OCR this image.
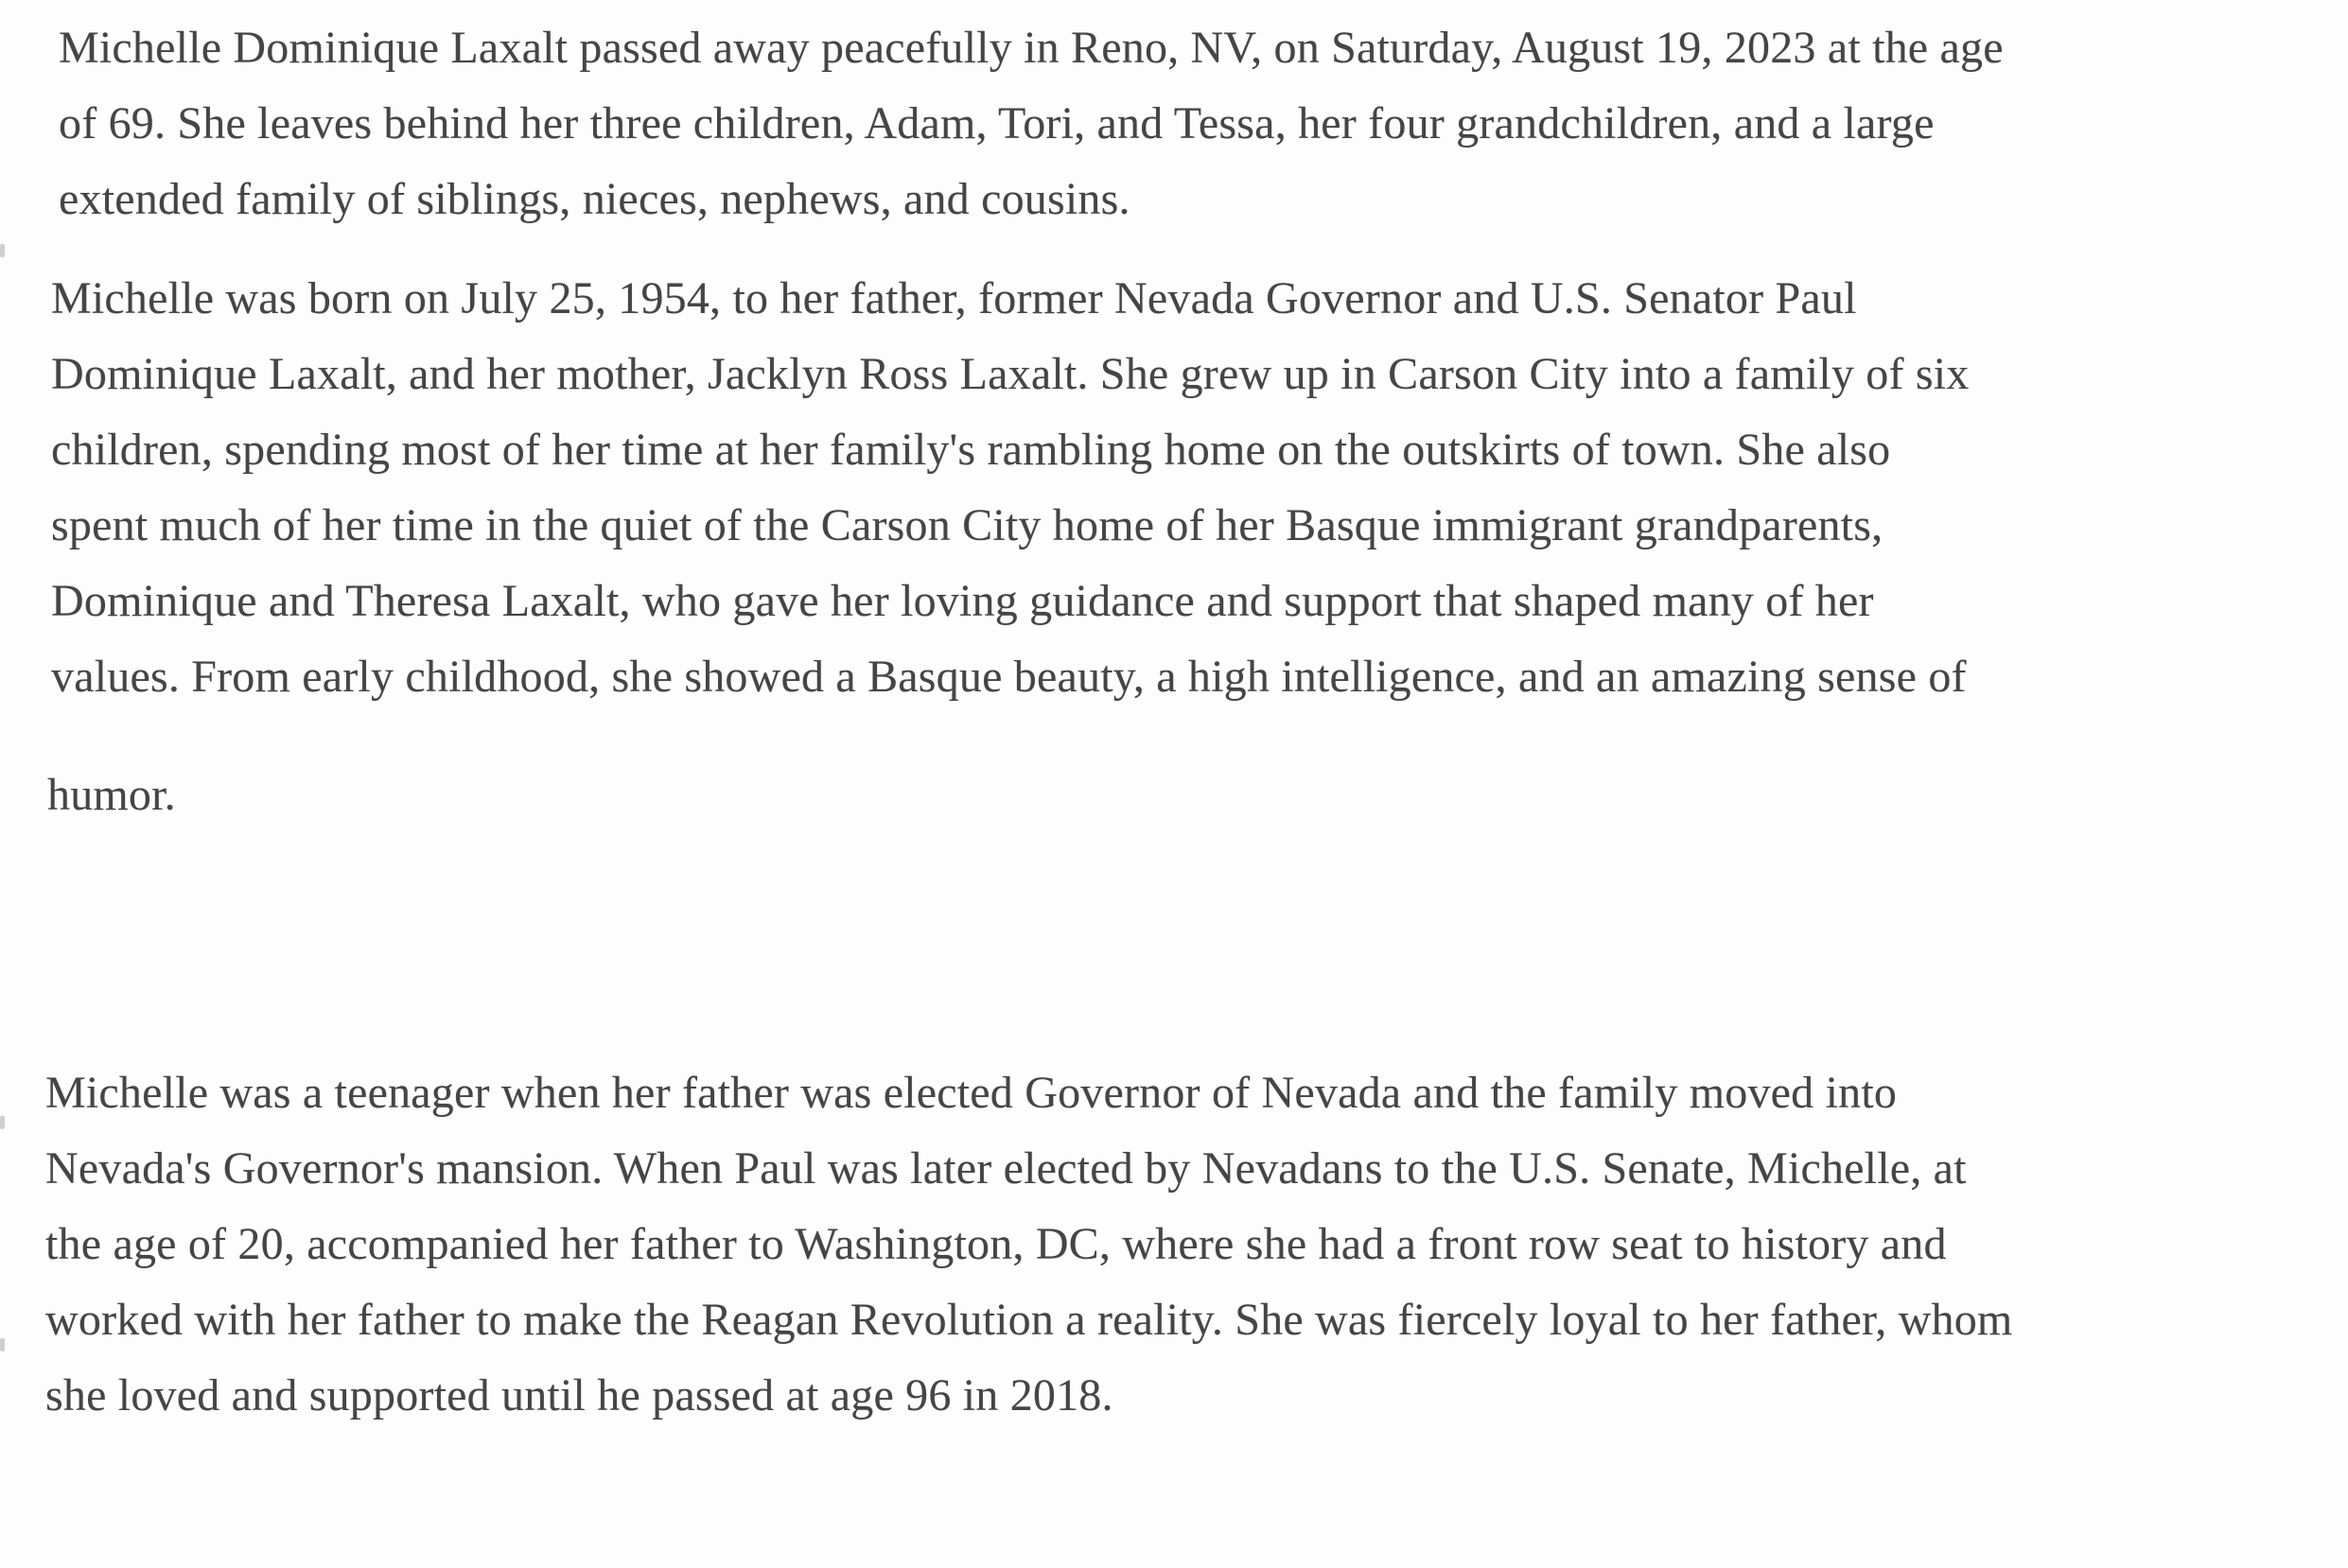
Michelle Dominique Laxalt passed away peacefully in Reno, NV, on Saturday, August 19, 2023 at the age
of 69. She leaves behind her three children, Adam, Tori, and Tessa, her four grandchildren, and a large
extended family of siblings, nieces, nephews, and cousins.
Michelle was born on July 25, 1954, to her father, former Nevada Governor and U.S. Senator Paul
Dominique Laxalt, and her mother, Jacklyn Ross Laxalt. She grew up in Carson City into a family of six
children, spending most of her time at her family's rambling home on the outskirts of town. She also
spent much of her time in the quiet of the Carson City home of her Basque immigrant grandparents,
Dominique and Theresa Laxalt, who gave her loving guidance and support that shaped many of her
values. From early childhood, she showed a Basque beauty, a high intelligence, and an amazing sense of
humor.
Michelle was a teenager when her father was elected Governor of Nevada and the family moved into
Nevada's Governor's mansion. When Paul was later elected by Nevadans to the U.S. Senate, Michelle, at
the age of 20, accompanied her father to Washington, DC, where she had a front row seat to history and
worked with her father to make the Reagan Revolution a reality. She was fiercely loyal to her father, whom
she loved and supported until he passed at age 96 in 2018.
